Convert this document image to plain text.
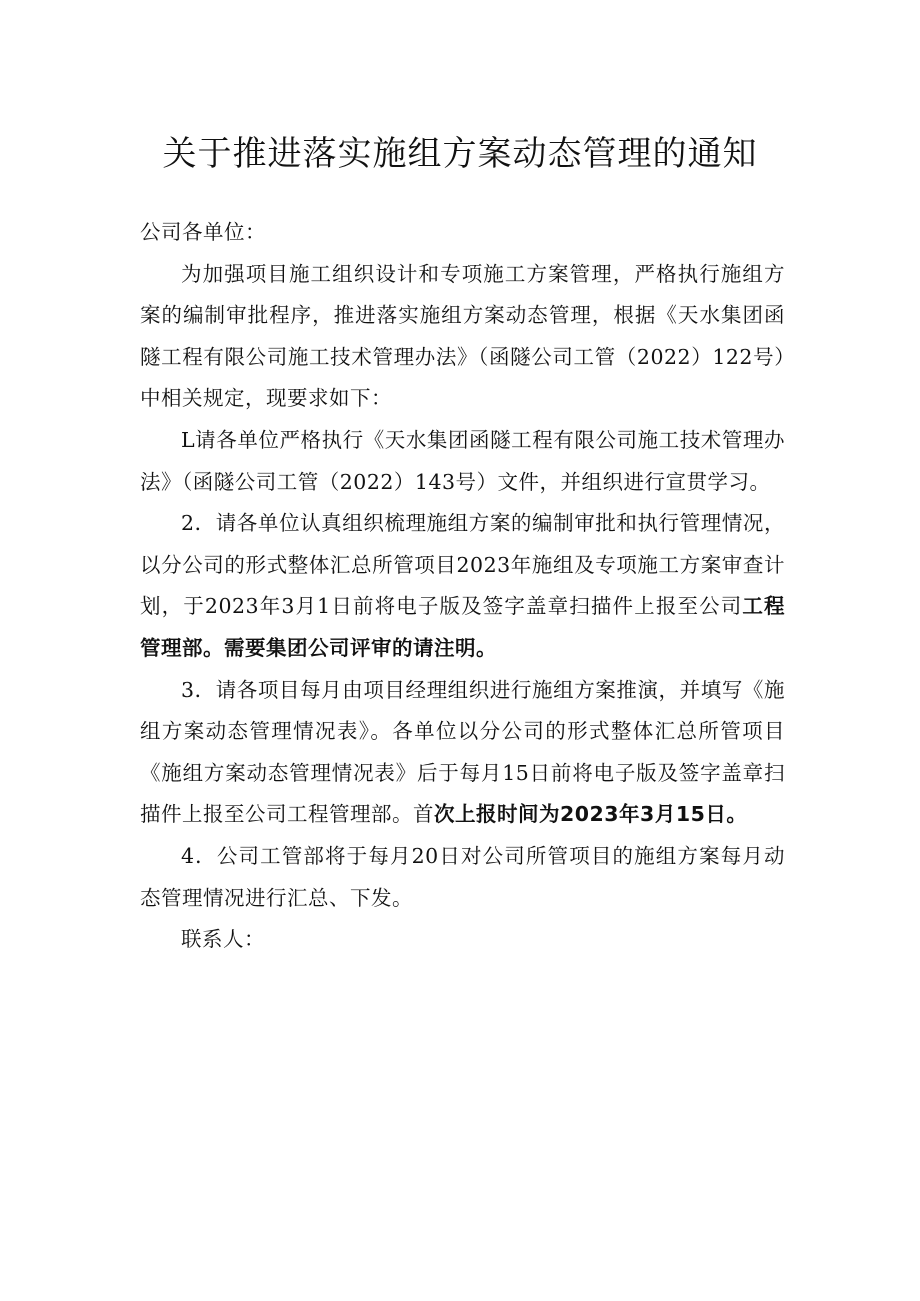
关于推进落实施组方案动态管理的通知

公司各单位：

为加强项目施工组织设计和专项施工方案管理，严格执行施组方案的编制审批程序，推进落实施组方案动态管理，根据《天水集团函隧工程有限公司施工技术管理办法》（函隧公司工管（2022）122号）中相关规定，现要求如下：

L请各单位严格执行《天水集团函隧工程有限公司施工技术管理办法》（函隧公司工管（2022）143号）文件，并组织进行宣贯学习。

2．请各单位认真组织梳理施组方案的编制审批和执行管理情况，以分公司的形式整体汇总所管项目2023年施组及专项施工方案审查计划，于2023年3月1日前将电子版及签字盖章扫描件上报至公司工程管理部。需要集团公司评审的请注明。

3．请各项目每月由项目经理组织进行施组方案推演，并填写《施组方案动态管理情况表》。各单位以分公司的形式整体汇总所管项目《施组方案动态管理情况表》后于每月15日前将电子版及签字盖章扫描件上报至公司工程管理部。首次上报时间为2023年3月15日。

4．公司工管部将于每月20日对公司所管项目的施组方案每月动态管理情况进行汇总、下发。

联系人：
